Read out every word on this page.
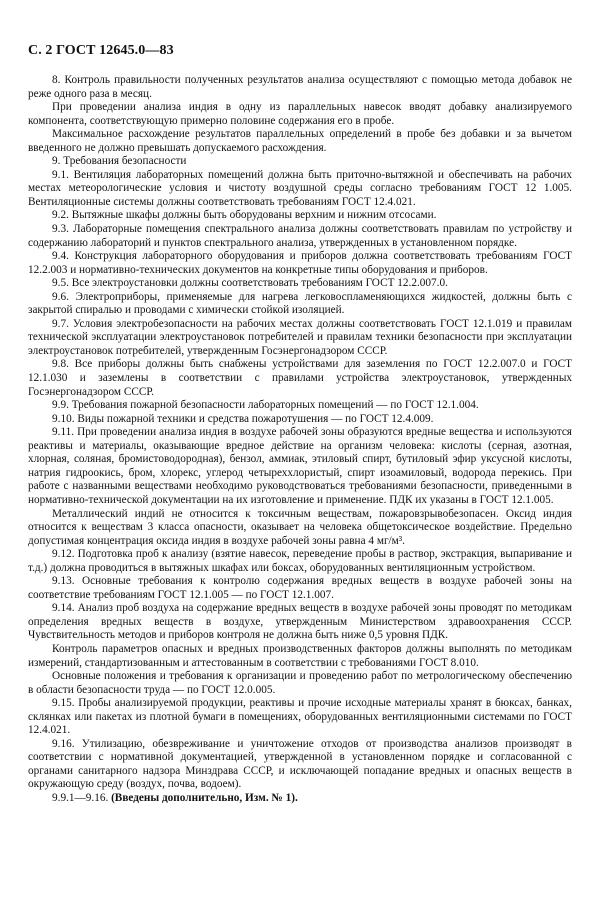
С. 2 ГОСТ 12645.0—83

8. Контроль правильности полученных результатов анализа осуществляют с помощью метода добавок не реже одного раза в месяц.

При проведении анализа индия в одну из параллельных навесок вводят добавку анализируемого компонента, соответствующую примерно половине содержания его в пробе.

Максимальное расхождение результатов параллельных определений в пробе без добавки и за вычетом введенного не должно превышать допускаемого расхождения.

9. Требования безопасности

9.1. Вентиляция лабораторных помещений должна быть приточно-вытяжной и обеспечивать на рабочих местах метеорологические условия и чистоту воздушной среды согласно требованиям ГОСТ 12 1.005. Вентиляционные системы должны соответствовать требованиям ГОСТ 12.4.021.

9.2. Вытяжные шкафы должны быть оборудованы верхним и нижним отсосами.

9.3. Лабораторные помещения спектрального анализа должны соответствовать правилам по устройству и содержанию лабораторий и пунктов спектрального анализа, утвержденных в установленном порядке.

9.4. Конструкция лабораторного оборудования и приборов должна соответствовать требованиям ГОСТ 12.2.003 и нормативно-технических документов на конкретные типы оборудования и приборов.

9.5. Все электроустановки должны соответствовать требованиям ГОСТ 12.2.007.0.

9.6. Электроприборы, применяемые для нагрева легковоспламеняющихся жидкостей, должны быть с закрытой спиралью и проводами с химически стойкой изоляцией.

9.7. Условия электробезопасности на рабочих местах должны соответствовать ГОСТ 12.1.019 и правилам технической эксплуатации электроустановок потребителей и правилам техники безопасности при эксплуатации электроустановок потребителей, утвержденным Госэнергонадзором СССР.

9.8. Все приборы должны быть снабжены устройствами для заземления по ГОСТ 12.2.007.0 и ГОСТ 12.1.030 и заземлены в соответствии с правилами устройства электроустановок, утвержденных Госэнергонадзором СССР.

9.9. Требования пожарной безопасности лабораторных помещений — по ГОСТ 12.1.004.

9.10. Виды пожарной техники и средства пожаротушения — по ГОСТ 12.4.009.

9.11. При проведении анализа индия в воздухе рабочей зоны образуются вредные вещества и используются реактивы и материалы, оказывающие вредное действие на организм человека: кислоты (серная, азотная, хлорная, соляная, бромистоводородная), бензол, аммиак, этиловый спирт, бутиловый эфир уксусной кислоты, натрия гидроокись, бром, хлорекс, углерод четыреххлористый, спирт изоамиловый, водорода перекись. При работе с названными веществами необходимо руководствоваться требованиями безопасности, приведенными в нормативно-технической документации на их изготовление и применение. ПДК их указаны в ГОСТ 12.1.005.

Металлический индий не относится к токсичным веществам, пожаровзрывобезопасен. Оксид индия относится к веществам 3 класса опасности, оказывает на человека общетоксическое воздействие. Предельно допустимая концентрация оксида индия в воздухе рабочей зоны равна 4 мг/м³.

9.12. Подготовка проб к анализу (взятие навесок, переведение пробы в раствор, экстракция, выпаривание и т.д.) должна проводиться в вытяжных шкафах или боксах, оборудованных вентиляционным устройством.

9.13. Основные требования к контролю содержания вредных веществ в воздухе рабочей зоны на соответствие требованиям ГОСТ 12.1.005 — по ГОСТ 12.1.007.

9.14. Анализ проб воздуха на содержание вредных веществ в воздухе рабочей зоны проводят по методикам определения вредных веществ в воздухе, утвержденным Министерством здравоохранения СССР. Чувствительность методов и приборов контроля не должна быть ниже 0,5 уровня ПДК.

Контроль параметров опасных и вредных производственных факторов должны выполнять по методикам измерений, стандартизованным и аттестованным в соответствии с требованиями ГОСТ 8.010.

Основные положения и требования к организации и проведению работ по метрологическому обеспечению в области безопасности труда — по ГОСТ 12.0.005.

9.15. Пробы анализируемой продукции, реактивы и прочие исходные материалы хранят в бюксах, банках, склянках или пакетах из плотной бумаги в помещениях, оборудованных вентиляционными системами по ГОСТ 12.4.021.

9.16. Утилизацию, обезвреживание и уничтожение отходов от производства анализов производят в соответствии с нормативной документацией, утвержденной в установленном порядке и согласованной с органами санитарного надзора Минздрава СССР, и исключающей попадание вредных и опасных веществ в окружающую среду (воздух, почва, водоем).

9.9.1—9.16. (Введены дополнительно, Изм. № 1).
